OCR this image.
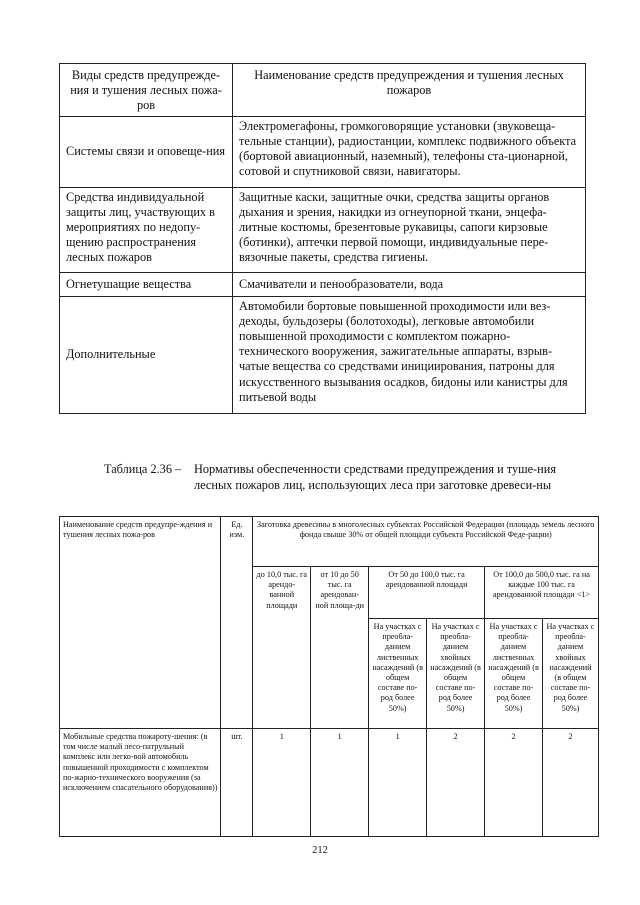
Виды средств предупрежде-ния и тушения лесных пожа-ров	Наименование средств предупреждения и тушения лесных пожаров
Системы связи и оповеще-ния	Электромегафоны, громкоговорящие установки (звуковеща-тельные станции), радиостанции, комплекс подвижного объекта (бортовой авиационный, наземный), телефоны ста-ционарной, сотовой и спутниковой связи, навигаторы.
Средства индивидуальной защиты лиц, участвующих в мероприятиях по недопу-щению распространения лесных пожаров	Защитные каски, защитные очки, средства защиты органов дыхания и зрения, накидки из огнеупорной ткани, энцефа-литные костюмы, брезентовые рукавицы, сапоги кирзовые (ботинки), аптечки первой помощи, индивидуальные пере-вязочные пакеты, средства гигиены.
Огнетушащие вещества	Смачиватели и пенообразователи, вода
Дополнительные	Автомобили бортовые повышенной проходимости или вез-деходы, бульдозеры (болотоходы), легковые автомобили повышенной проходимости с комплектом пожарно-технического вооружения, зажигательные аппараты, взрыв-чатые вещества со средствами инициирования, патроны для искусственного вызывания осадков, бидоны или канистры для питьевой воды
Таблица 2.36 –	Нормативы обеспеченности средствами предупреждения и туше-ния лесных пожаров лиц, использующих леса при заготовке древеси-ны
Наименование средств предупре-ждения и тушения лесных пожа-ров	Ед. изм.	Заготовка древесины в многолесных субъектах Российской Федерации (площадь земель лесного фонда свыше 30% от общей площади субъекта Российской Феде-рации)					
		до 10,0 тыс. га арендо-ванной площади	от 10 до 50 тыс. га арендован-ной площа-ди	От 50 до 100,0 тыс. га арендованной площади		От 100,0 до 500,0 тыс. га на каждые 100 тыс. га арендованной площади <1>	
				На участках с преобла-данием лиственных насаждений (в общем составе по-род более 50%)	На участках с преобла-данием хвойных насаждений (в общем составе по-род более 50%)	На участках с преобла-данием лиственных насаждений (в общем составе по-род более 50%)	На участках с преобла-данием хвойных насаждений (в общем составе по-род более 50%)
Мобильные средства пожароту-шения: (в том числе малый лесо-патрульный комплекс или легко-вой автомобиль повышенной проходимости с комплектом по-жарно-технического вооружения (за исключением спасательного оборудования))	шт.	1	1	1	2	2	2
212
